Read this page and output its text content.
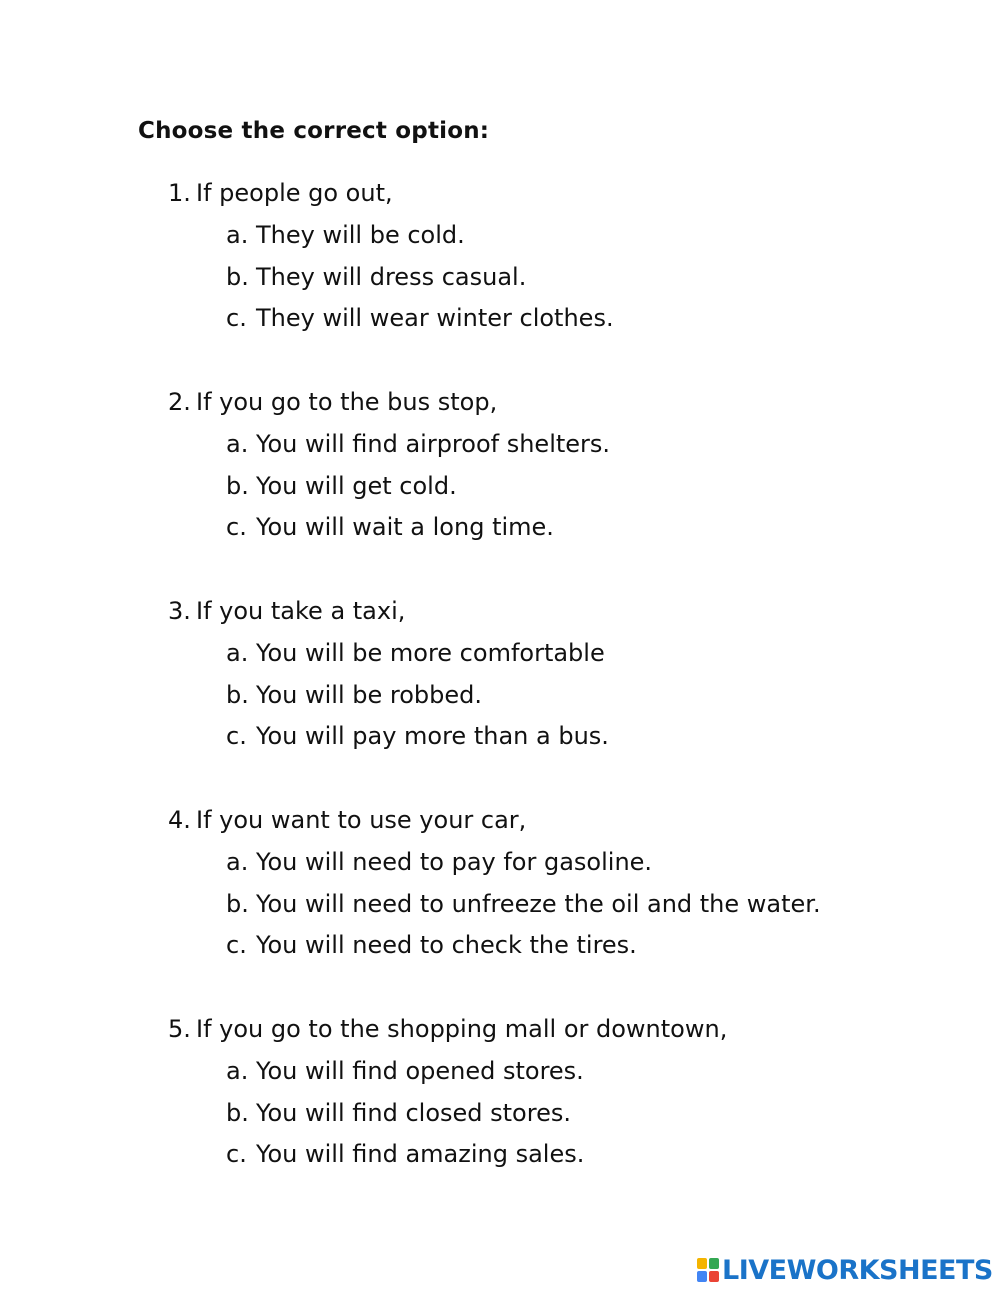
Choose the correct option:
1. If people go out,
a. They will be cold.
b. They will dress casual.
c. They will wear winter clothes.
2. If you go to the bus stop,
a. You will find airproof shelters.
b. You will get cold.
c. You will wait a long time.
3. If you take a taxi,
a. You will be more comfortable
b. You will be robbed.
c. You will pay more than a bus.
4. If you want to use your car,
a. You will need to pay for gasoline.
b. You will need to unfreeze the oil and the water.
c. You will need to check the tires.
5. If you go to the shopping mall or downtown,
a. You will find opened stores.
b. You will find closed stores.
c. You will find amazing sales.
LIVEWORKSHEETS
